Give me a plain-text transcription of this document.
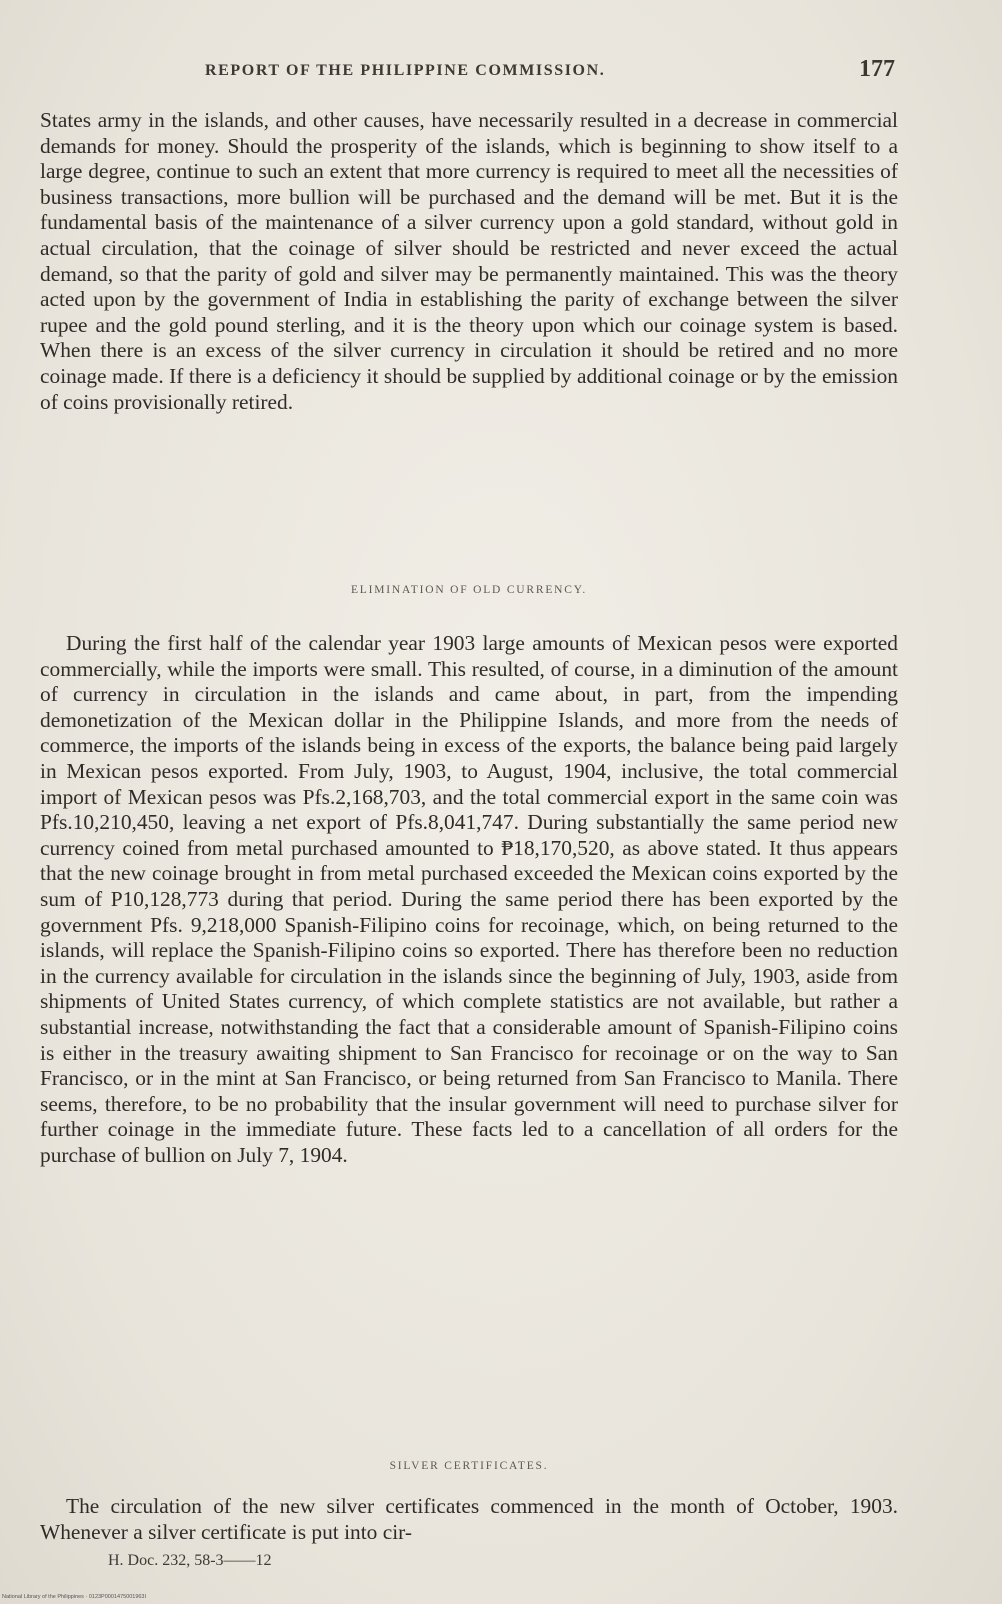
REPORT OF THE PHILIPPINE COMMISSION.	177

States army in the islands, and other causes, have necessarily resulted in a decrease in commercial demands for money. Should the prosperity of the islands, which is beginning to show itself to a large degree, continue to such an extent that more currency is required to meet all the necessities of business transactions, more bullion will be purchased and the demand will be met. But it is the fundamental basis of the maintenance of a silver currency upon a gold standard, without gold in actual circulation, that the coinage of silver should be restricted and never exceed the actual demand, so that the parity of gold and silver may be permanently maintained. This was the theory acted upon by the government of India in establishing the parity of exchange between the silver rupee and the gold pound sterling, and it is the theory upon which our coinage system is based. When there is an excess of the silver currency in circulation it should be retired and no more coinage made. If there is a deficiency it should be supplied by additional coinage or by the emission of coins provisionally retired.

ELIMINATION OF OLD CURRENCY.

During the first half of the calendar year 1903 large amounts of Mexican pesos were exported commercially, while the imports were small. This resulted, of course, in a diminution of the amount of currency in circulation in the islands and came about, in part, from the impending demonetization of the Mexican dollar in the Philippine Islands, and more from the needs of commerce, the imports of the islands being in excess of the exports, the balance being paid largely in Mexican pesos exported. From July, 1903, to August, 1904, inclusive, the total commercial import of Mexican pesos was Pfs.2,168,703, and the total commercial export in the same coin was Pfs.10,210,450, leaving a net export of Pfs.8,041,747. During substantially the same period new currency coined from metal purchased amounted to ₱18,170,520, as above stated. It thus appears that the new coinage brought in from metal purchased exceeded the Mexican coins exported by the sum of P10,128,773 during that period. During the same period there has been exported by the government Pfs. 9,218,000 Spanish-Filipino coins for recoinage, which, on being returned to the islands, will replace the Spanish-Filipino coins so exported. There has therefore been no reduction in the currency available for circulation in the islands since the beginning of July, 1903, aside from shipments of United States currency, of which complete statistics are not available, but rather a substantial increase, notwithstanding the fact that a considerable amount of Spanish-Filipino coins is either in the treasury awaiting shipment to San Francisco for recoinage or on the way to San Francisco, or in the mint at San Francisco, or being returned from San Francisco to Manila. There seems, therefore, to be no probability that the insular government will need to purchase silver for further coinage in the immediate future. These facts led to a cancellation of all orders for the purchase of bullion on July 7, 1904.

SILVER CERTIFICATES.

The circulation of the new silver certificates commenced in the month of October, 1903. Whenever a silver certificate is put into cir-

H. Doc. 232, 58-3——12
National Library of the Philippines · 0123P0001475001963I
